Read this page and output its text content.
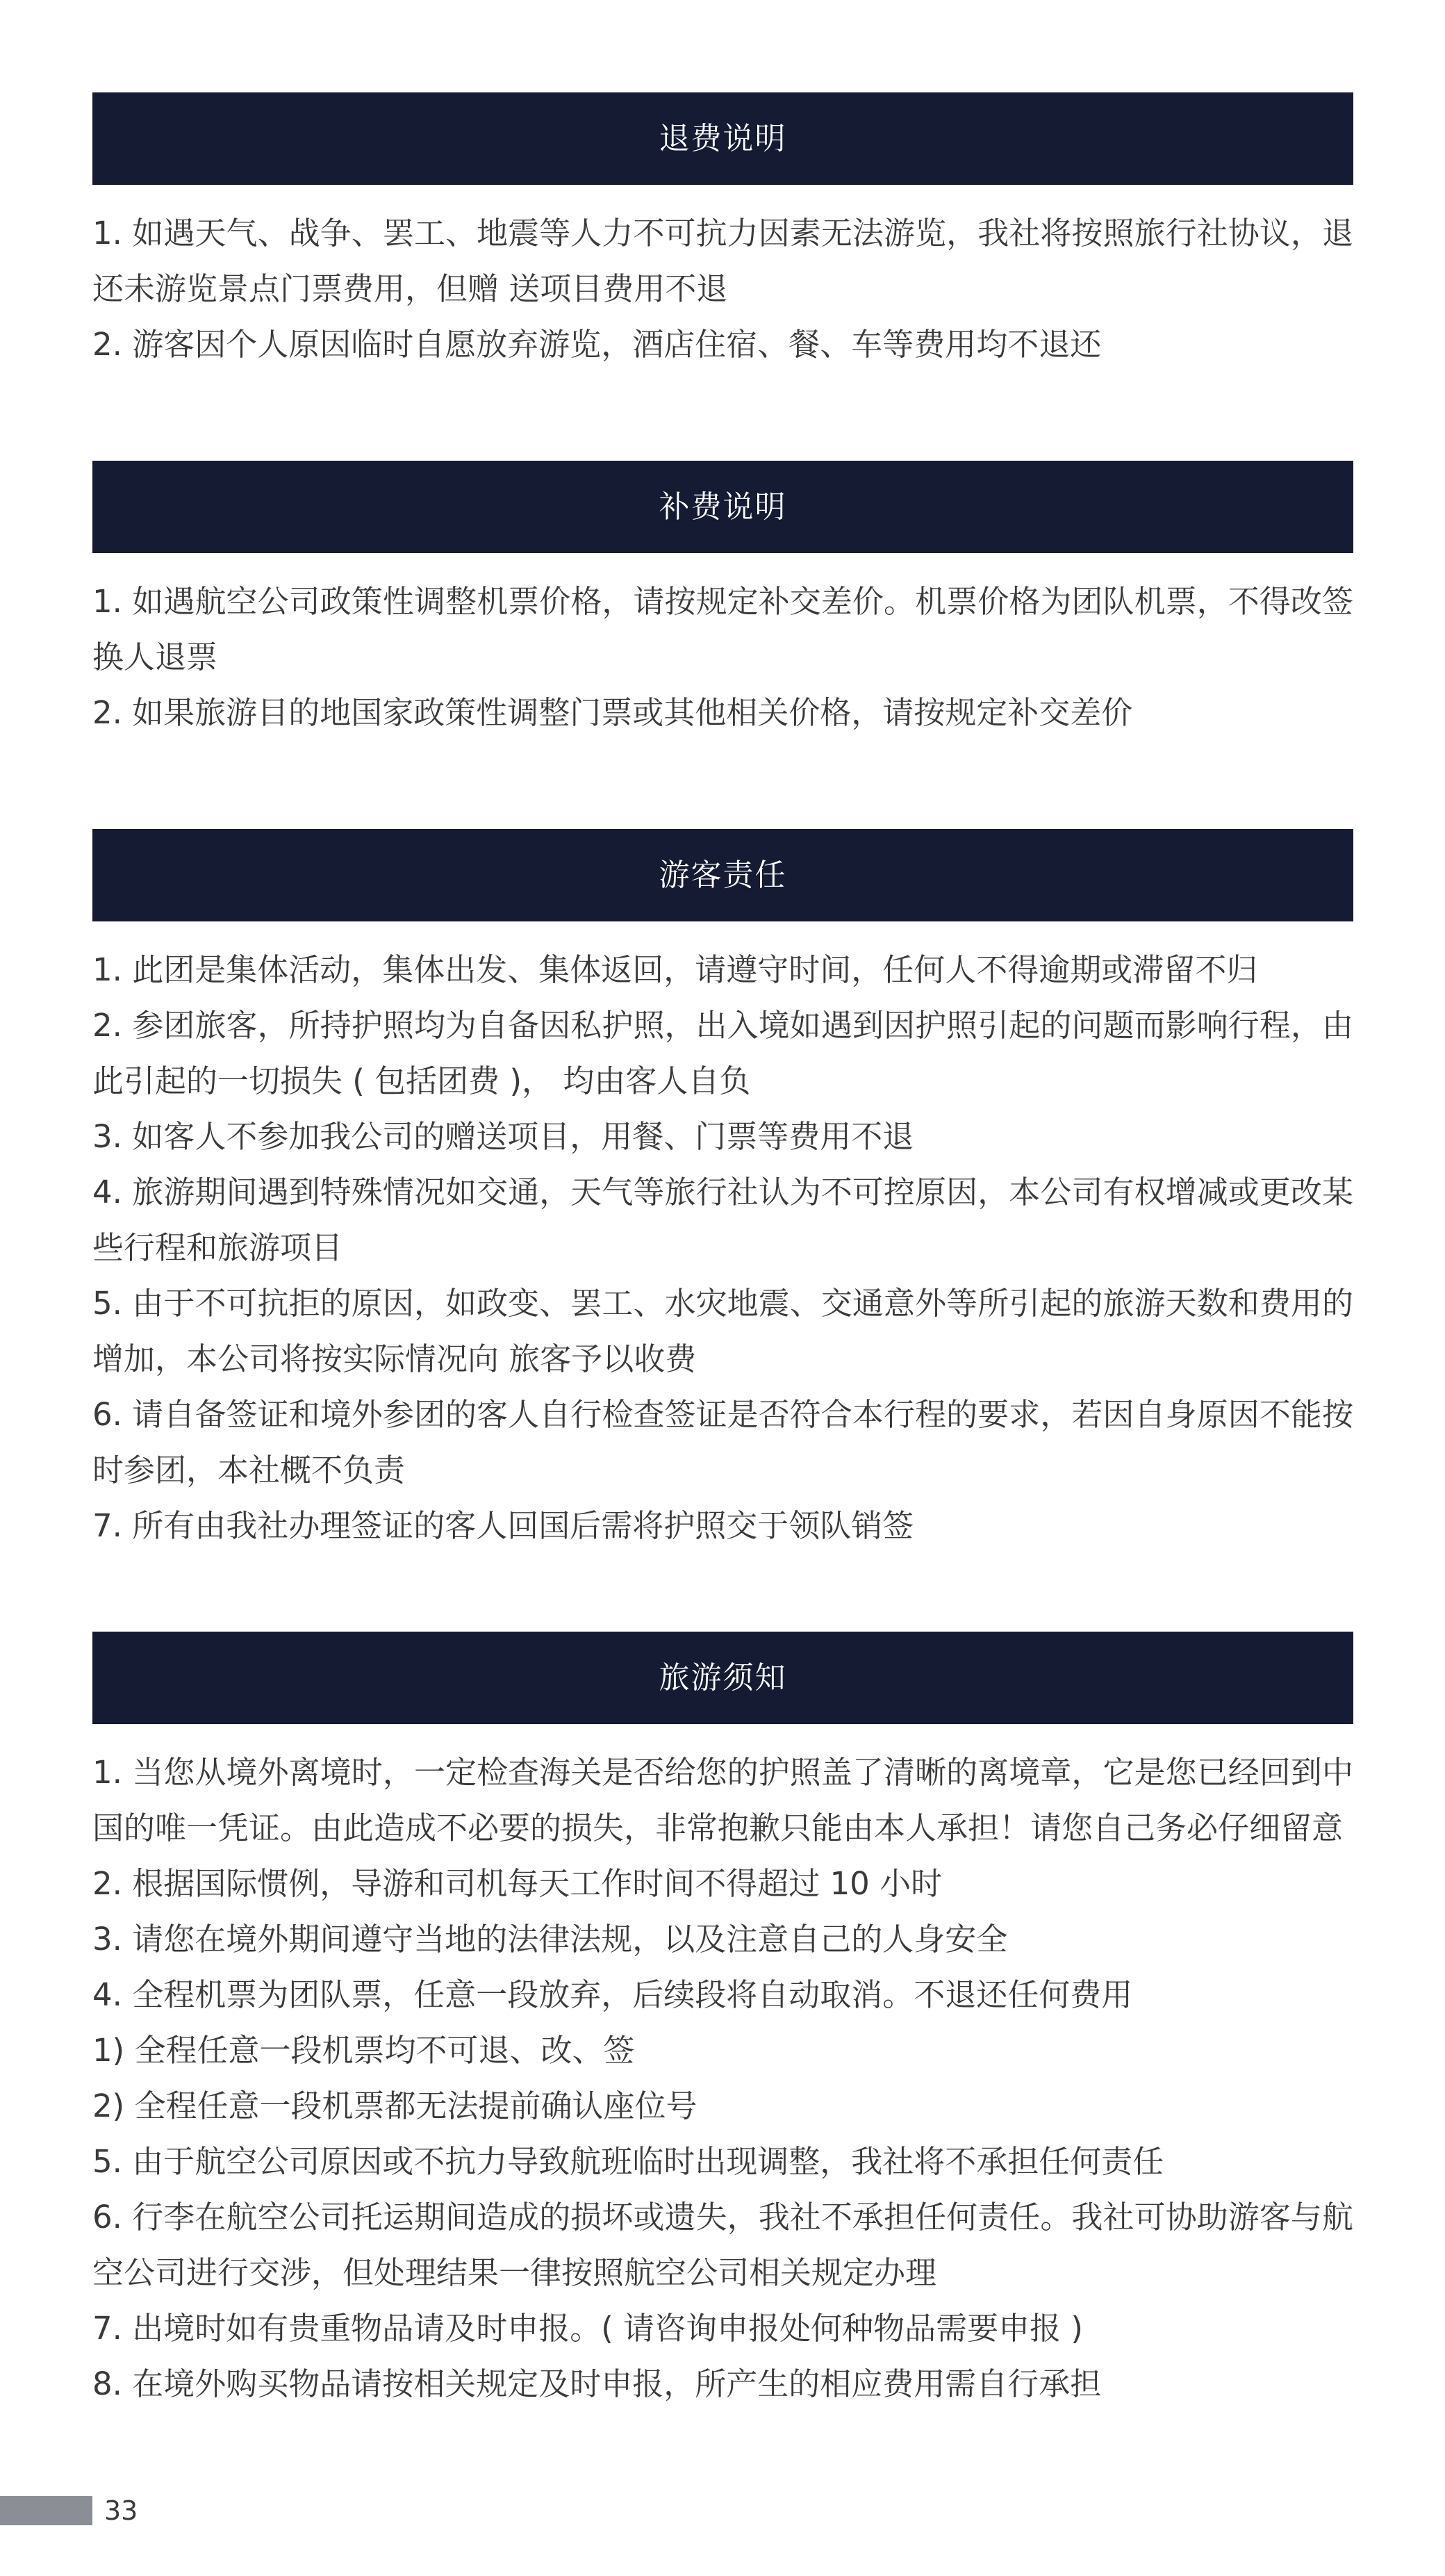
退费说明
1. 如遇天气、战争、罢工、地震等人力不可抗力因素无法游览，我社将按照旅行社协议，退还未游览景点门票费用，但赠 送项目费用不退
2. 游客因个人原因临时自愿放弃游览，酒店住宿、餐、车等费用均不退还
补费说明
1. 如遇航空公司政策性调整机票价格，请按规定补交差价。机票价格为团队机票，不得改签换人退票
2. 如果旅游目的地国家政策性调整门票或其他相关价格，请按规定补交差价
游客责任
1. 此团是集体活动，集体出发、集体返回，请遵守时间，任何人不得逾期或滞留不归
2. 参团旅客，所持护照均为自备因私护照，出入境如遇到因护照引起的问题而影响行程，由此引起的一切损失 ( 包括团费 )， 均由客人自负
3. 如客人不参加我公司的赠送项目，用餐、门票等费用不退
4. 旅游期间遇到特殊情况如交通，天气等旅行社认为不可控原因，本公司有权增减或更改某些行程和旅游项目
5. 由于不可抗拒的原因，如政变、罢工、水灾地震、交通意外等所引起的旅游天数和费用的增加，本公司将按实际情况向 旅客予以收费
6. 请自备签证和境外参团的客人自行检查签证是否符合本行程的要求，若因自身原因不能按时参团，本社概不负责
7. 所有由我社办理签证的客人回国后需将护照交于领队销签
旅游须知
1. 当您从境外离境时，一定检查海关是否给您的护照盖了清晰的离境章，它是您已经回到中国的唯一凭证。由此造成不必要的损失，非常抱歉只能由本人承担！请您自己务必仔细留意
2. 根据国际惯例，导游和司机每天工作时间不得超过 10 小时
3. 请您在境外期间遵守当地的法律法规，以及注意自己的人身安全
4. 全程机票为团队票，任意一段放弃，后续段将自动取消。不退还任何费用
1) 全程任意一段机票均不可退、改、签
2) 全程任意一段机票都无法提前确认座位号
5. 由于航空公司原因或不抗力导致航班临时出现调整，我社将不承担任何责任
6. 行李在航空公司托运期间造成的损坏或遗失，我社不承担任何责任。我社可协助游客与航空公司进行交涉，但处理结果一律按照航空公司相关规定办理
7. 出境时如有贵重物品请及时申报。( 请咨询申报处何种物品需要申报 )
8. 在境外购买物品请按相关规定及时申报，所产生的相应费用需自行承担
33
